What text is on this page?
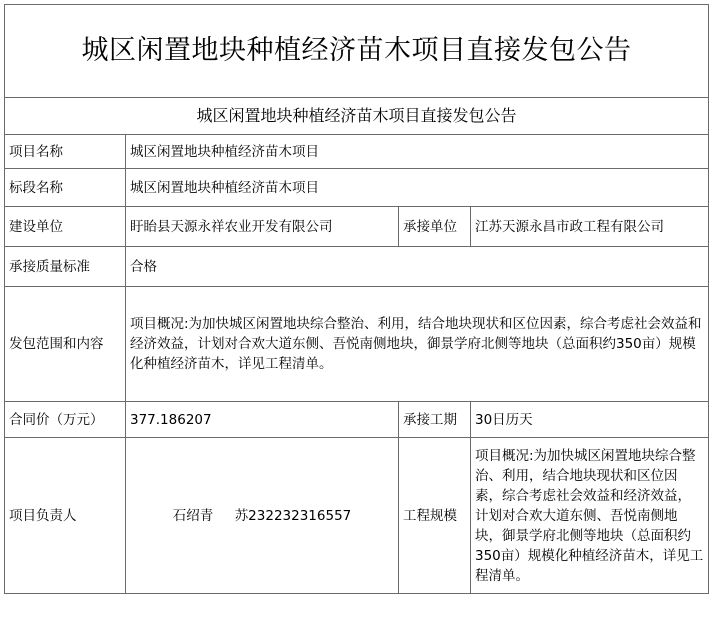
城区闲置地块种植经济苗木项目直接发包公告			
城区闲置地块种植经济苗木项目直接发包公告			
项目名称	城区闲置地块种植经济苗木项目		
标段名称	城区闲置地块种植经济苗木项目		
建设单位	盱眙县天源永祥农业开发有限公司	承接单位	江苏天源永昌市政工程有限公司
承接质量标准	合格		
发包范围和内容	项目概况:为加快城区闲置地块综合整治、利用，结合地块现状和区位因素，综合考虑社会效益和经济效益，计划对合欢大道东侧、吾悦南侧地块，御景学府北侧等地块（总面积约350亩）规模化种植经济苗木，详见工程清单。		
合同价（万元）	377.186207	承接工期	30日历天
项目负责人	石绍青 苏232232316557	工程规模	项目概况:为加快城区闲置地块综合整治、利用，结合地块现状和区位因素，综合考虑社会效益和经济效益，计划对合欢大道东侧、吾悦南侧地块，御景学府北侧等地块（总面积约350亩）规模化种植经济苗木，详见工程清单。
